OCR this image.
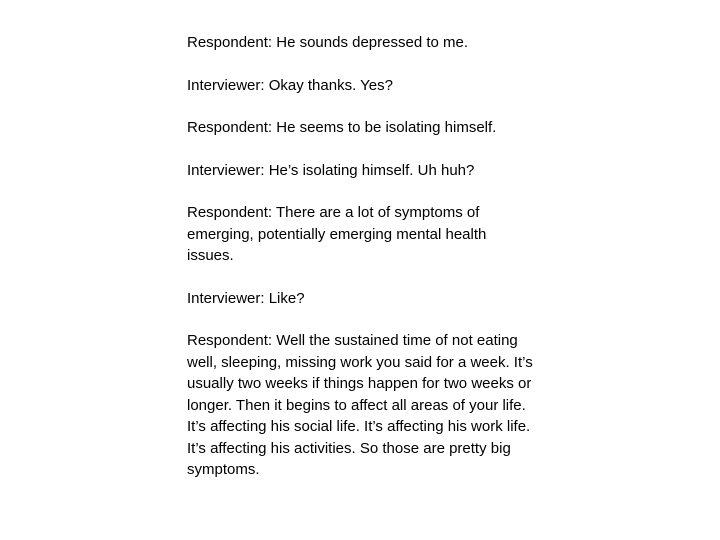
Respondent: He sounds depressed to me.

Interviewer: Okay thanks. Yes?

Respondent: He seems to be isolating himself.

Interviewer: He’s isolating himself. Uh huh?

Respondent: There are a lot of symptoms of emerging, potentially emerging mental health issues.

Interviewer: Like?

Respondent: Well the sustained time of not eating well, sleeping, missing work you said for a week. It’s usually two weeks if things happen for two weeks or longer. Then it begins to affect all areas of your life. It’s affecting his social life. It’s affecting his work life. It’s affecting his activities. So those are pretty big symptoms.
